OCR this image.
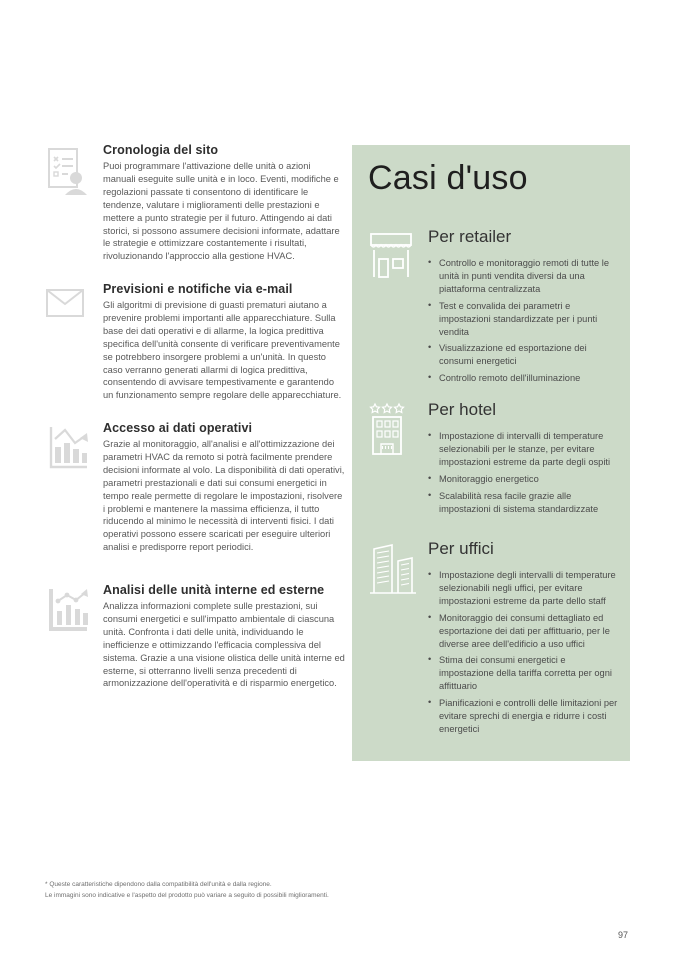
Cronologia del sito

Puoi programmare l'attivazione delle unità o azioni manuali eseguite sulle unità e in loco. Eventi, modifiche e regolazioni passate ti consentono di identificare le tendenze, valutare i miglioramenti delle prestazioni e mettere a punto strategie per il futuro. Attingendo ai dati storici, si possono assumere decisioni informate, adattare le strategie e ottimizzare costantemente i risultati, rivoluzionando l'approccio alla gestione HVAC.

Previsioni e notifiche via e-mail

Gli algoritmi di previsione di guasti prematuri aiutano a prevenire problemi importanti alle apparecchiature. Sulla base dei dati operativi e di allarme, la logica predittiva specifica dell'unità consente di verificare preventivamente se potrebbero insorgere problemi a un'unità. In questo caso verranno generati allarmi di logica predittiva, consentendo di avvisare tempestivamente e garantendo un funzionamento sempre regolare delle apparecchiature.

Accesso ai dati operativi

Grazie al monitoraggio, all'analisi e all'ottimizzazione dei parametri HVAC da remoto si potrà facilmente prendere decisioni informate al volo. La disponibilità di dati operativi, parametri prestazionali e dati sui consumi energetici in tempo reale permette di regolare le impostazioni, risolvere i problemi e mantenere la massima efficienza, il tutto riducendo al minimo le necessità di interventi fisici. I dati operativi possono essere scaricati per eseguire ulteriori analisi e predisporre report periodici.

Analisi delle unità interne ed esterne

Analizza informazioni complete sulle prestazioni, sui consumi energetici e sull'impatto ambientale di ciascuna unità. Confronta i dati delle unità, individuando le inefficienze e ottimizzando l'efficacia complessiva del sistema. Grazie a una visione olistica delle unità interne ed esterne, si otterranno livelli senza precedenti di armonizzazione dell'operatività e di risparmio energetico.

Casi d'uso
Per retailer
• Controllo e monitoraggio remoti di tutte le unità in punti vendita diversi da una piattaforma centralizzata
• Test e convalida dei parametri e impostazioni standardizzate per i punti vendita
• Visualizzazione ed esportazione dei consumi energetici
• Controllo remoto dell'illuminazione
Per hotel
• Impostazione di intervalli di temperature selezionabili per le stanze, per evitare impostazioni estreme da parte degli ospiti
• Monitoraggio energetico
• Scalabilità resa facile grazie alle impostazioni di sistema standardizzate
Per uffici
• Impostazione degli intervalli di temperature selezionabili negli uffici, per evitare impostazioni estreme da parte dello staff
• Monitoraggio dei consumi dettagliato ed esportazione dei dati per affittuario, per le diverse aree dell'edificio a uso uffici
• Stima dei consumi energetici e impostazione della tariffa corretta per ogni affittuario
• Pianificazioni e controlli delle limitazioni per evitare sprechi di energia e ridurre i costi energetici
* Queste caratteristiche dipendono dalla compatibilità dell'unità e dalla regione.
Le immagini sono indicative e l'aspetto del prodotto può variare a seguito di possibili miglioramenti.
97
